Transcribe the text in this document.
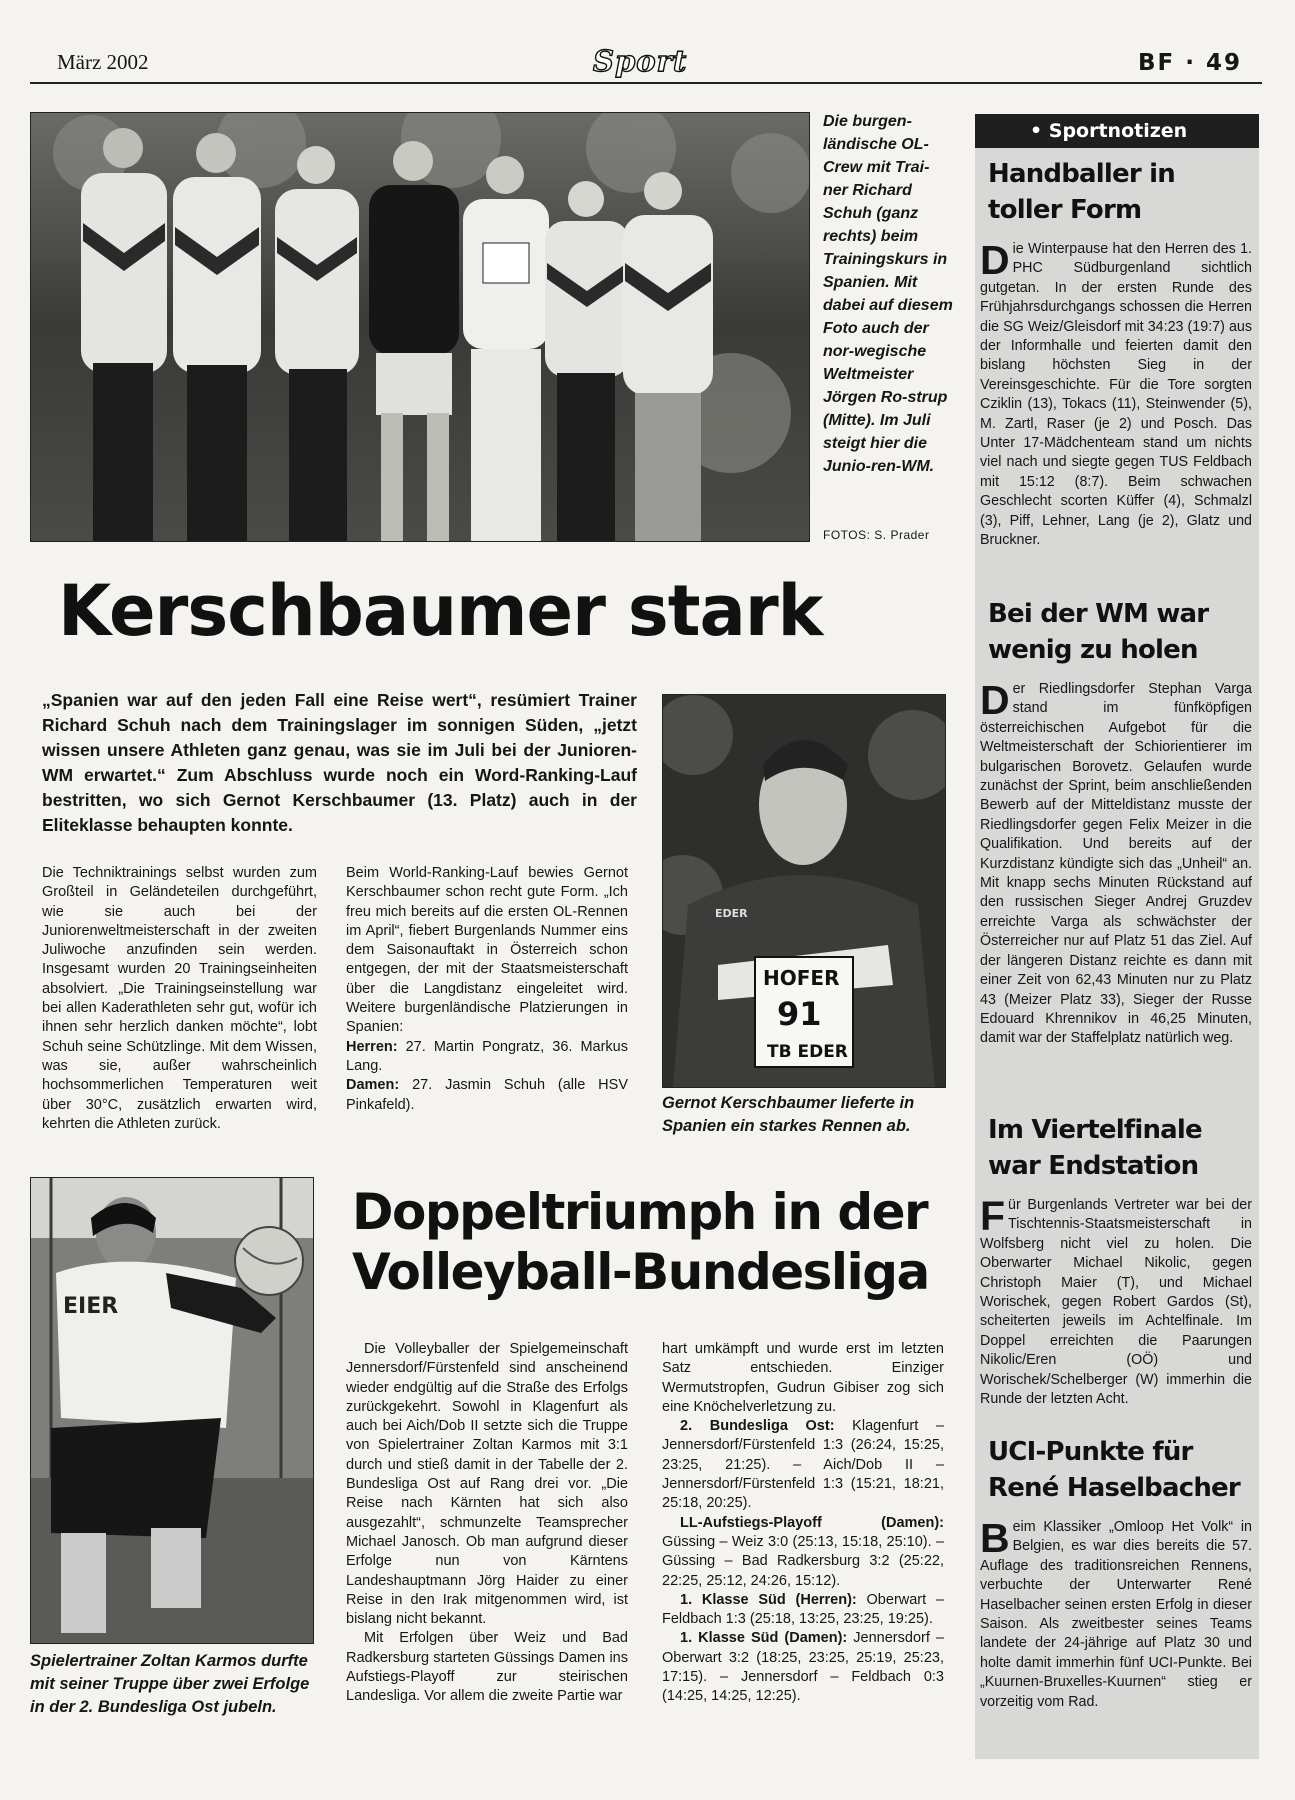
März 2002	Sport	BF · 49

Die burgen-ländische OL-Crew mit Trai-ner Richard Schuh (ganz rechts) beim Trainingskurs in Spanien. Mit dabei auf diesem Foto auch der nor-wegische Weltmeister Jörgen Ro-strup (Mitte). Im Juli steigt hier die Junio-ren-WM.

FOTOS: S. Prader
Kerschbaumer stark

„Spanien war auf den jeden Fall eine Reise wert“, resümiert Trainer Richard Schuh nach dem Trainingslager im sonnigen Süden, „jetzt wissen unsere Athleten ganz genau, was sie im Juli bei der Junioren-WM erwartet.“ Zum Abschluss wurde noch ein Word-Ranking-Lauf bestritten, wo sich Gernot Kerschbaumer (13. Platz) auch in der Eliteklasse behaupten konnte.

Die Techniktrainings selbst wurden zum Großteil in Geländeteilen durchgeführt, wie sie auch bei der Juniorenweltmeisterschaft in der zweiten Juliwoche anzufinden sein werden. Insgesamt wurden 20 Trainingseinheiten absolviert. „Die Trainingseinstellung war bei allen Kaderathleten sehr gut, wofür ich ihnen sehr herzlich danken möchte“, lobt Schuh seine Schützlinge. Mit dem Wissen, was sie, außer wahrscheinlich hochsommerlichen Temperaturen weit über 30°C, zusätzlich erwarten wird, kehrten die Athleten zurück.

Beim World-Ranking-Lauf bewies Gernot Kerschbaumer schon recht gute Form. „Ich freu mich bereits auf die ersten OL-Rennen im April“, fiebert Burgenlands Nummer eins dem Saisonauftakt in Österreich schon entgegen, der mit der Staatsmeisterschaft über die Langdistanz eingeleitet wird. Weitere burgenländische Platzierungen in Spanien:

Herren: 27. Martin Pongratz, 36. Markus Lang.

Damen: 27. Jasmin Schuh (alle HSV Pinkafeld).

HOFER
91
TB EDER
EDER

Gernot Kerschbaumer lieferte in Spanien ein starkes Rennen ab.

EIER

Spielertrainer Zoltan Karmos durfte mit seiner Truppe über zwei Erfolge in der 2. Bundesliga Ost jubeln.

Doppeltriumph in der
Volleyball-Bundesliga

Die Volleyballer der Spielgemeinschaft Jennersdorf/Fürstenfeld sind anscheinend wieder endgültig auf die Straße des Erfolgs zurückgekehrt. Sowohl in Klagenfurt als auch bei Aich/Dob II setzte sich die Truppe von Spielertrainer Zoltan Karmos mit 3:1 durch und stieß damit in der Tabelle der 2. Bundesliga Ost auf Rang drei vor. „Die Reise nach Kärnten hat sich also ausgezahlt“, schmunzelte Teamsprecher Michael Janosch. Ob man aufgrund dieser Erfolge nun von Kärntens Landeshauptmann Jörg Haider zu einer Reise in den Irak mitgenommen wird, ist bislang nicht bekannt.

Mit Erfolgen über Weiz und Bad Radkersburg starteten Güssings Damen ins Aufstiegs-Playoff zur steirischen Landesliga. Vor allem die zweite Partie war

hart umkämpft und wurde erst im letzten Satz entschieden. Einziger Wermutstropfen, Gudrun Gibiser zog sich eine Knöchelverletzung zu.

2. Bundesliga Ost: Klagenfurt – Jennersdorf/Fürstenfeld 1:3 (26:24, 15:25, 23:25, 21:25). – Aich/Dob II – Jennersdorf/Fürstenfeld 1:3 (15:21, 18:21, 25:18, 20:25).

LL-Aufstiegs-Playoff (Damen): Güssing – Weiz 3:0 (25:13, 15:18, 25:10). – Güssing – Bad Radkersburg 3:2 (25:22, 22:25, 25:12, 24:26, 15:12).

1. Klasse Süd (Herren): Oberwart – Feldbach 1:3 (25:18, 13:25, 23:25, 19:25).

1. Klasse Süd (Damen): Jennersdorf – Oberwart 3:2 (18:25, 23:25, 25:19, 25:23, 17:15). – Jennersdorf – Feldbach 0:3 (14:25, 14:25, 12:25).

• Sportnotizen
Handballer in toller Form

Die Winterpause hat den Herren des 1. PHC Südburgenland sichtlich gutgetan. In der ersten Runde des Frühjahrsdurchgangs schossen die Herren die SG Weiz/Gleisdorf mit 34:23 (19:7) aus der Informhalle und feierten damit den bislang höchsten Sieg in der Vereinsgeschichte. Für die Tore sorgten Cziklin (13), Tokacs (11), Steinwender (5), M. Zartl, Raser (je 2) und Posch. Das Unter 17-Mädchenteam stand um nichts viel nach und siegte gegen TUS Feldbach mit 15:12 (8:7). Beim schwachen Geschlecht scorten Küffer (4), Schmalzl (3), Piff, Lehner, Lang (je 2), Glatz und Bruckner.

Bei der WM war wenig zu holen

Der Riedlingsdorfer Stephan Varga stand im fünfköpfigen österreichischen Aufgebot für die Weltmeisterschaft der Schiorientierer im bulgarischen Borovetz. Gelaufen wurde zunächst der Sprint, beim anschließenden Bewerb auf der Mitteldistanz musste der Riedlingsdorfer gegen Felix Meizer in die Qualifikation. Und bereits auf der Kurzdistanz kündigte sich das „Unheil“ an. Mit knapp sechs Minuten Rückstand auf den russischen Sieger Andrej Gruzdev erreichte Varga als schwächster der Österreicher nur auf Platz 51 das Ziel. Auf der längeren Distanz reichte es dann mit einer Zeit von 62,43 Minuten nur zu Platz 43 (Meizer Platz 33), Sieger der Russe Edouard Khrennikov in 46,25 Minuten, damit war der Staffelplatz natürlich weg.

Im Viertelfinale war Endstation

Für Burgenlands Vertreter war bei der Tischtennis-Staatsmeisterschaft in Wolfsberg nicht viel zu holen. Die Oberwarter Michael Nikolic, gegen Christoph Maier (T), und Michael Worischek, gegen Robert Gardos (St), scheiterten jeweils im Achtelfinale. Im Doppel erreichten die Paarungen Nikolic/Eren (OÖ) und Worischek/Schelberger (W) immerhin die Runde der letzten Acht.

UCI-Punkte für René Haselbacher

Beim Klassiker „Omloop Het Volk“ in Belgien, es war dies bereits die 57. Auflage des traditionsreichen Rennens, verbuchte der Unterwarter René Haselbacher seinen ersten Erfolg in dieser Saison. Als zweitbester seines Teams landete der 24-jährige auf Platz 30 und holte damit immerhin fünf UCI-Punkte. Bei „Kuurnen-Bruxelles-Kuurnen“ stieg er vorzeitig vom Rad.
